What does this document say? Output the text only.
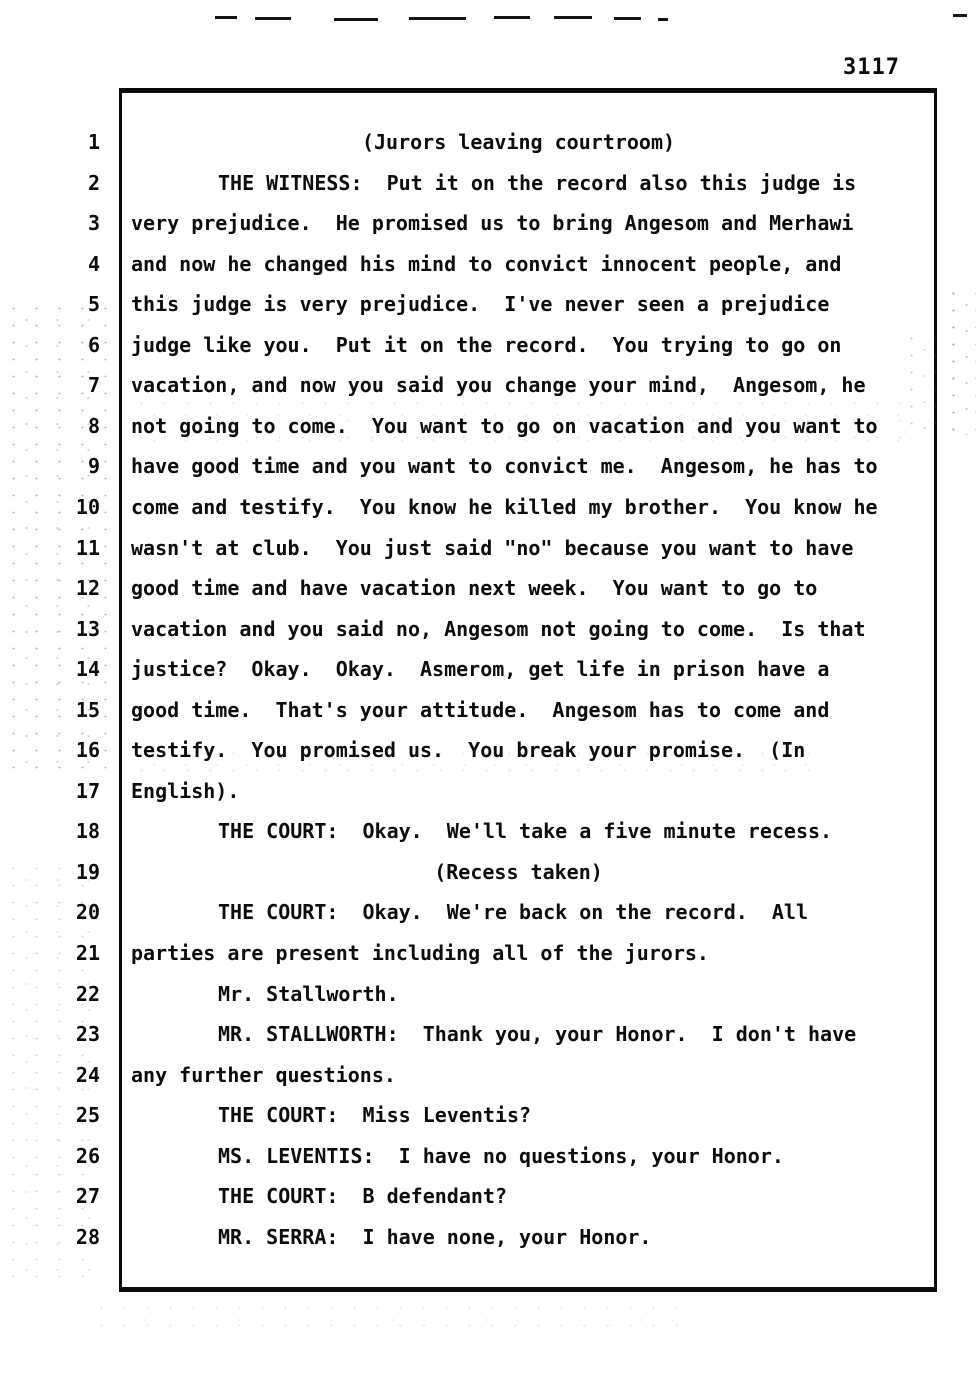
3117
1	(Jurors leaving courtroom)
2	THE WITNESS:  Put it on the record also this judge is
3 very prejudice.  He promised us to bring Angesom and Merhawi
4 and now he changed his mind to convict innocent people, and
5 this judge is very prejudice.  I've never seen a prejudice
6 judge like you.  Put it on the record.  You trying to go on
7 vacation, and now you said you change your mind,  Angesom, he
8 not going to come.  You want to go on vacation and you want to
9 have good time and you want to convict me.  Angesom, he has to
10 come and testify.  You know he killed my brother.  You know he
11 wasn't at club.  You just said "no" because you want to have
12 good time and have vacation next week.  You want to go to
13 vacation and you said no, Angesom not going to come.  Is that
14 justice?  Okay.  Okay.  Asmerom, get life in prison have a
15 good time.  That's your attitude.  Angesom has to come and
16 testify.  You promised us.  You break your promise.  (In
17 English).
18	THE COURT:  Okay.  We'll take a five minute recess.
19	(Recess taken)
20	THE COURT:  Okay.  We're back on the record.  All
21 parties are present including all of the jurors.
22	Mr. Stallworth.
23	MR. STALLWORTH:  Thank you, your Honor.  I don't have
24 any further questions.
25	THE COURT:  Miss Leventis?
26	MS. LEVENTIS:  I have no questions, your Honor.
27	THE COURT:  B defendant?
28	MR. SERRA:  I have none, your Honor.
